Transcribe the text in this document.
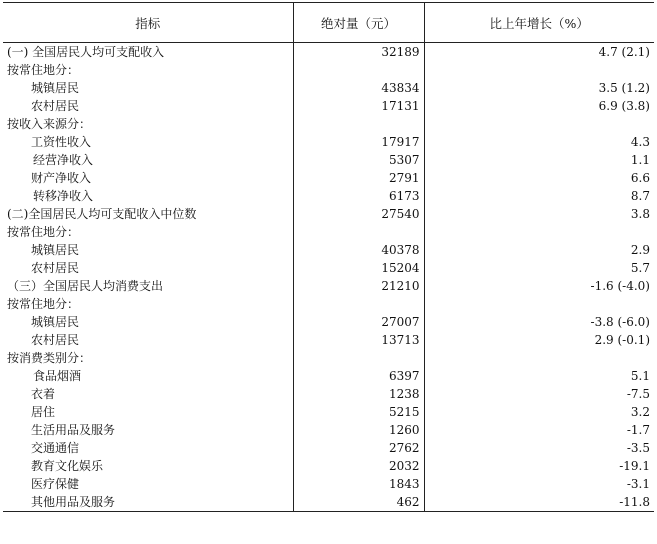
指标	绝对量（元）	比上年增长（%）
(一) 全国居民人均可支配收入	32189	4.7 (2.1)
按常住地分：		
城镇居民	43834	3.5 (1.2)
农村居民	17131	6.9 (3.8)
按收入来源分：		
工资性收入	17917	4.3
经营净收入	5307	1.1
财产净收入	2791	6.6
转移净收入	6173	8.7
(二)全国居民人均可支配收入中位数	27540	3.8
按常住地分：		
城镇居民	40378	2.9
农村居民	15204	5.7
（三）全国居民人均消费支出	21210	-1.6 (-4.0)
按常住地分：		
城镇居民	27007	-3.8 (-6.0)
农村居民	13713	2.9 (-0.1)
按消费类别分：		
食品烟酒	6397	5.1
衣着	1238	-7.5
居住	5215	3.2
生活用品及服务	1260	-1.7
交通通信	2762	-3.5
教育文化娱乐	2032	-19.1
医疗保健	1843	-3.1
其他用品及服务	462	-11.8
